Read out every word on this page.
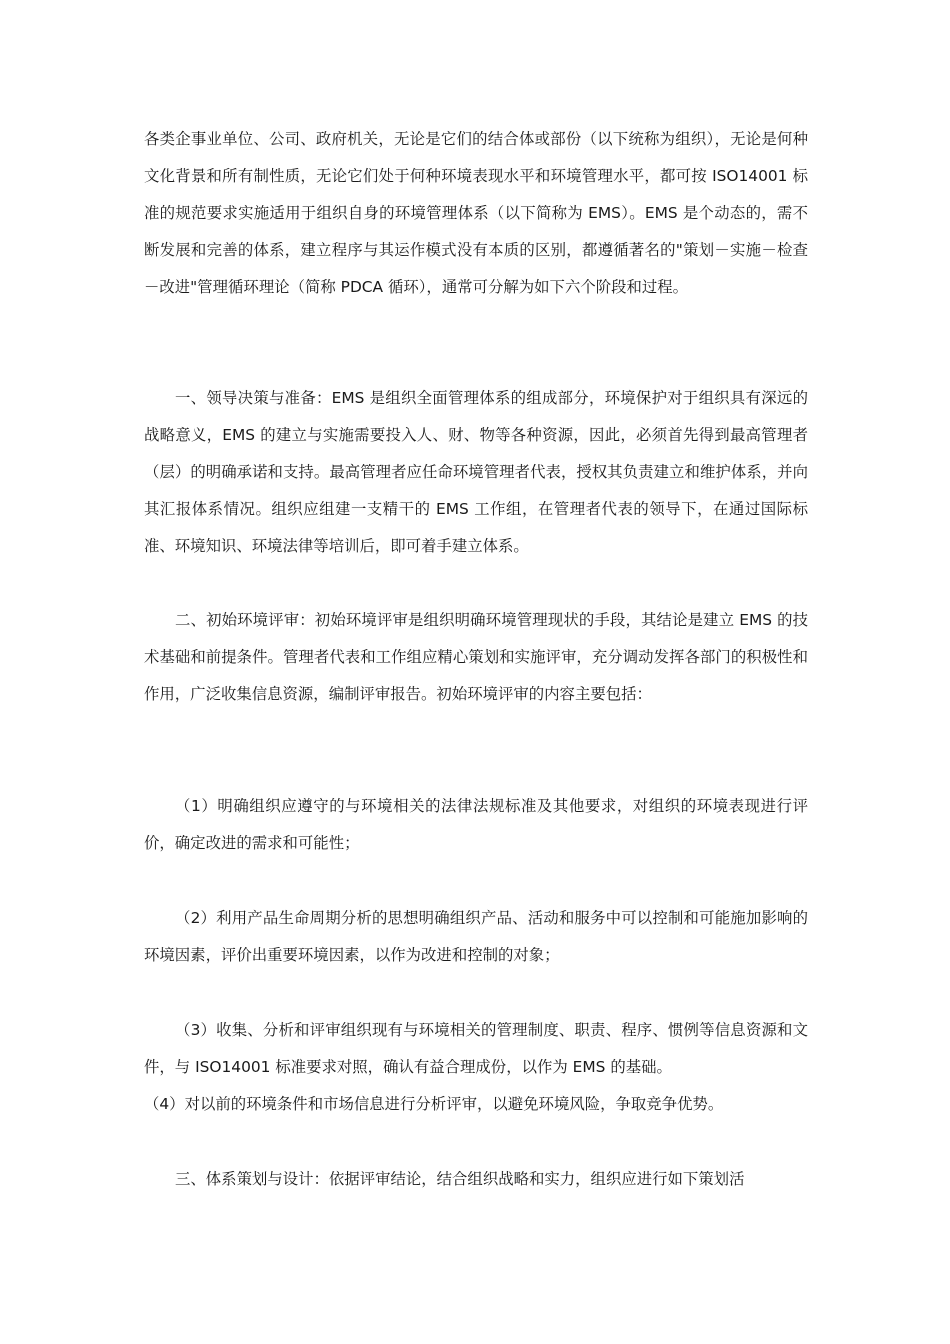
各类企事业单位、公司、政府机关，无论是它们的结合体或部份（以下统称为组织），无论是何种文化背景和所有制性质，无论它们处于何种环境表现水平和环境管理水平，都可按 ISO14001 标准的规范要求实施适用于组织自身的环境管理体系（以下简称为 EMS）。EMS 是个动态的，需不断发展和完善的体系，建立程序与其运作模式没有本质的区别，都遵循著名的"策划－实施－检查－改进"管理循环理论（简称 PDCA 循环），通常可分解为如下六个阶段和过程。

一、领导决策与准备：EMS 是组织全面管理体系的组成部分，环境保护对于组织具有深远的战略意义，EMS 的建立与实施需要投入人、财、物等各种资源，因此，必须首先得到最高管理者（层）的明确承诺和支持。最高管理者应任命环境管理者代表，授权其负责建立和维护体系，并向其汇报体系情况。组织应组建一支精干的 EMS 工作组，在管理者代表的领导下，在通过国际标准、环境知识、环境法律等培训后，即可着手建立体系。

二、初始环境评审：初始环境评审是组织明确环境管理现状的手段，其结论是建立 EMS 的技术基础和前提条件。管理者代表和工作组应精心策划和实施评审，充分调动发挥各部门的积极性和作用，广泛收集信息资源，编制评审报告。初始环境评审的内容主要包括：

（1）明确组织应遵守的与环境相关的法律法规标准及其他要求，对组织的环境表现进行评价，确定改进的需求和可能性；

（2）利用产品生命周期分析的思想明确组织产品、活动和服务中可以控制和可能施加影响的环境因素，评价出重要环境因素，以作为改进和控制的对象；

（3）收集、分析和评审组织现有与环境相关的管理制度、职责、程序、惯例等信息资源和文件，与 ISO14001 标准要求对照，确认有益合理成份，以作为 EMS 的基础。

（4）对以前的环境条件和市场信息进行分析评审，以避免环境风险，争取竞争优势。

三、体系策划与设计：依据评审结论，结合组织战略和实力，组织应进行如下策划活
